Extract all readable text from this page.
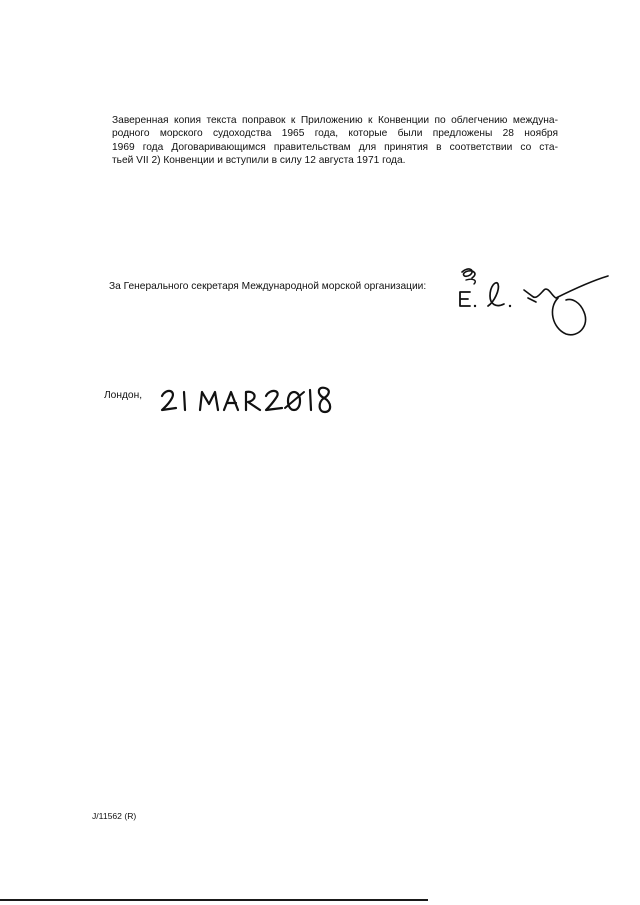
Заверенная копия текста поправок к Приложению к Конвенции по облегчению междуна-
родного морского судоходства 1965 года, которые были предложены 28 ноября
1969 года Договаривающимся правительствам для принятия в соответствии со ста-
тьей VII 2) Конвенции и вступили в силу 12 августа 1971 года.
За Генерального секретаря Международной морской организации:
Лондон,
J/11562 (R)
